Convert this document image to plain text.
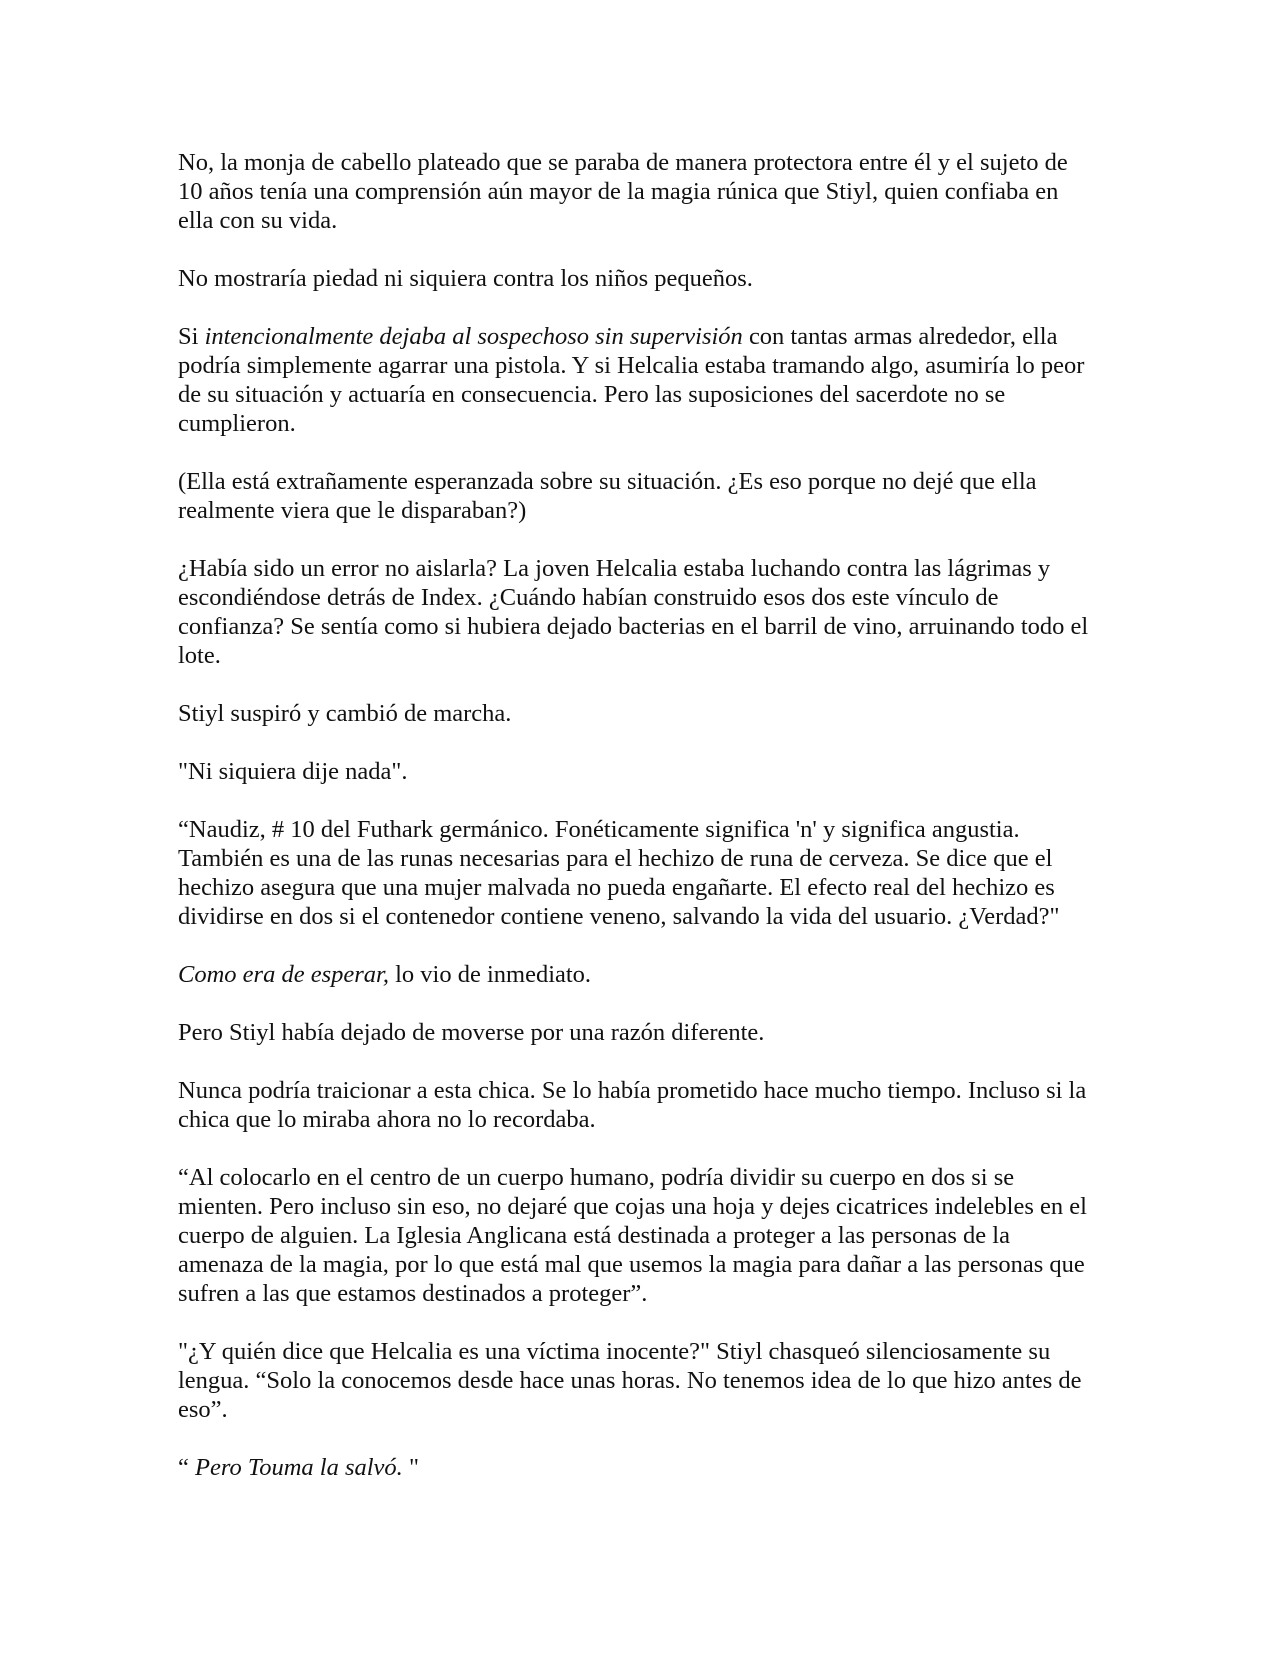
No, la monja de cabello plateado que se paraba de manera protectora entre él y el sujeto de 10 años tenía una comprensión aún mayor de la magia rúnica que Stiyl, quien confiaba en ella con su vida.

No mostraría piedad ni siquiera contra los niños pequeños.

Si intencionalmente dejaba al sospechoso sin supervisión con tantas armas alrededor, ella podría simplemente agarrar una pistola. Y si Helcalia estaba tramando algo, asumiría lo peor de su situación y actuaría en consecuencia. Pero las suposiciones del sacerdote no se cumplieron.

(Ella está extrañamente esperanzada sobre su situación. ¿Es eso porque no dejé que ella realmente viera que le disparaban?)

¿Había sido un error no aislarla? La joven Helcalia estaba luchando contra las lágrimas y escondiéndose detrás de Index. ¿Cuándo habían construido esos dos este vínculo de confianza? Se sentía como si hubiera dejado bacterias en el barril de vino, arruinando todo el lote.

Stiyl suspiró y cambió de marcha.

"Ni siquiera dije nada".

“Naudiz, # 10 del Futhark germánico. Fonéticamente significa 'n' y significa angustia. También es una de las runas necesarias para el hechizo de runa de cerveza. Se dice que el hechizo asegura que una mujer malvada no pueda engañarte. El efecto real del hechizo es dividirse en dos si el contenedor contiene veneno, salvando la vida del usuario. ¿Verdad?"

Como era de esperar, lo vio de inmediato.

Pero Stiyl había dejado de moverse por una razón diferente.

Nunca podría traicionar a esta chica. Se lo había prometido hace mucho tiempo. Incluso si la chica que lo miraba ahora no lo recordaba.

“Al colocarlo en el centro de un cuerpo humano, podría dividir su cuerpo en dos si se mienten. Pero incluso sin eso, no dejaré que cojas una hoja y dejes cicatrices indelebles en el cuerpo de alguien. La Iglesia Anglicana está destinada a proteger a las personas de la amenaza de la magia, por lo que está mal que usemos la magia para dañar a las personas que sufren a las que estamos destinados a proteger”.

"¿Y quién dice que Helcalia es una víctima inocente?" Stiyl chasqueó silenciosamente su lengua. “Solo la conocemos desde hace unas horas. No tenemos idea de lo que hizo antes de eso”.

“ Pero Touma la salvó. "
